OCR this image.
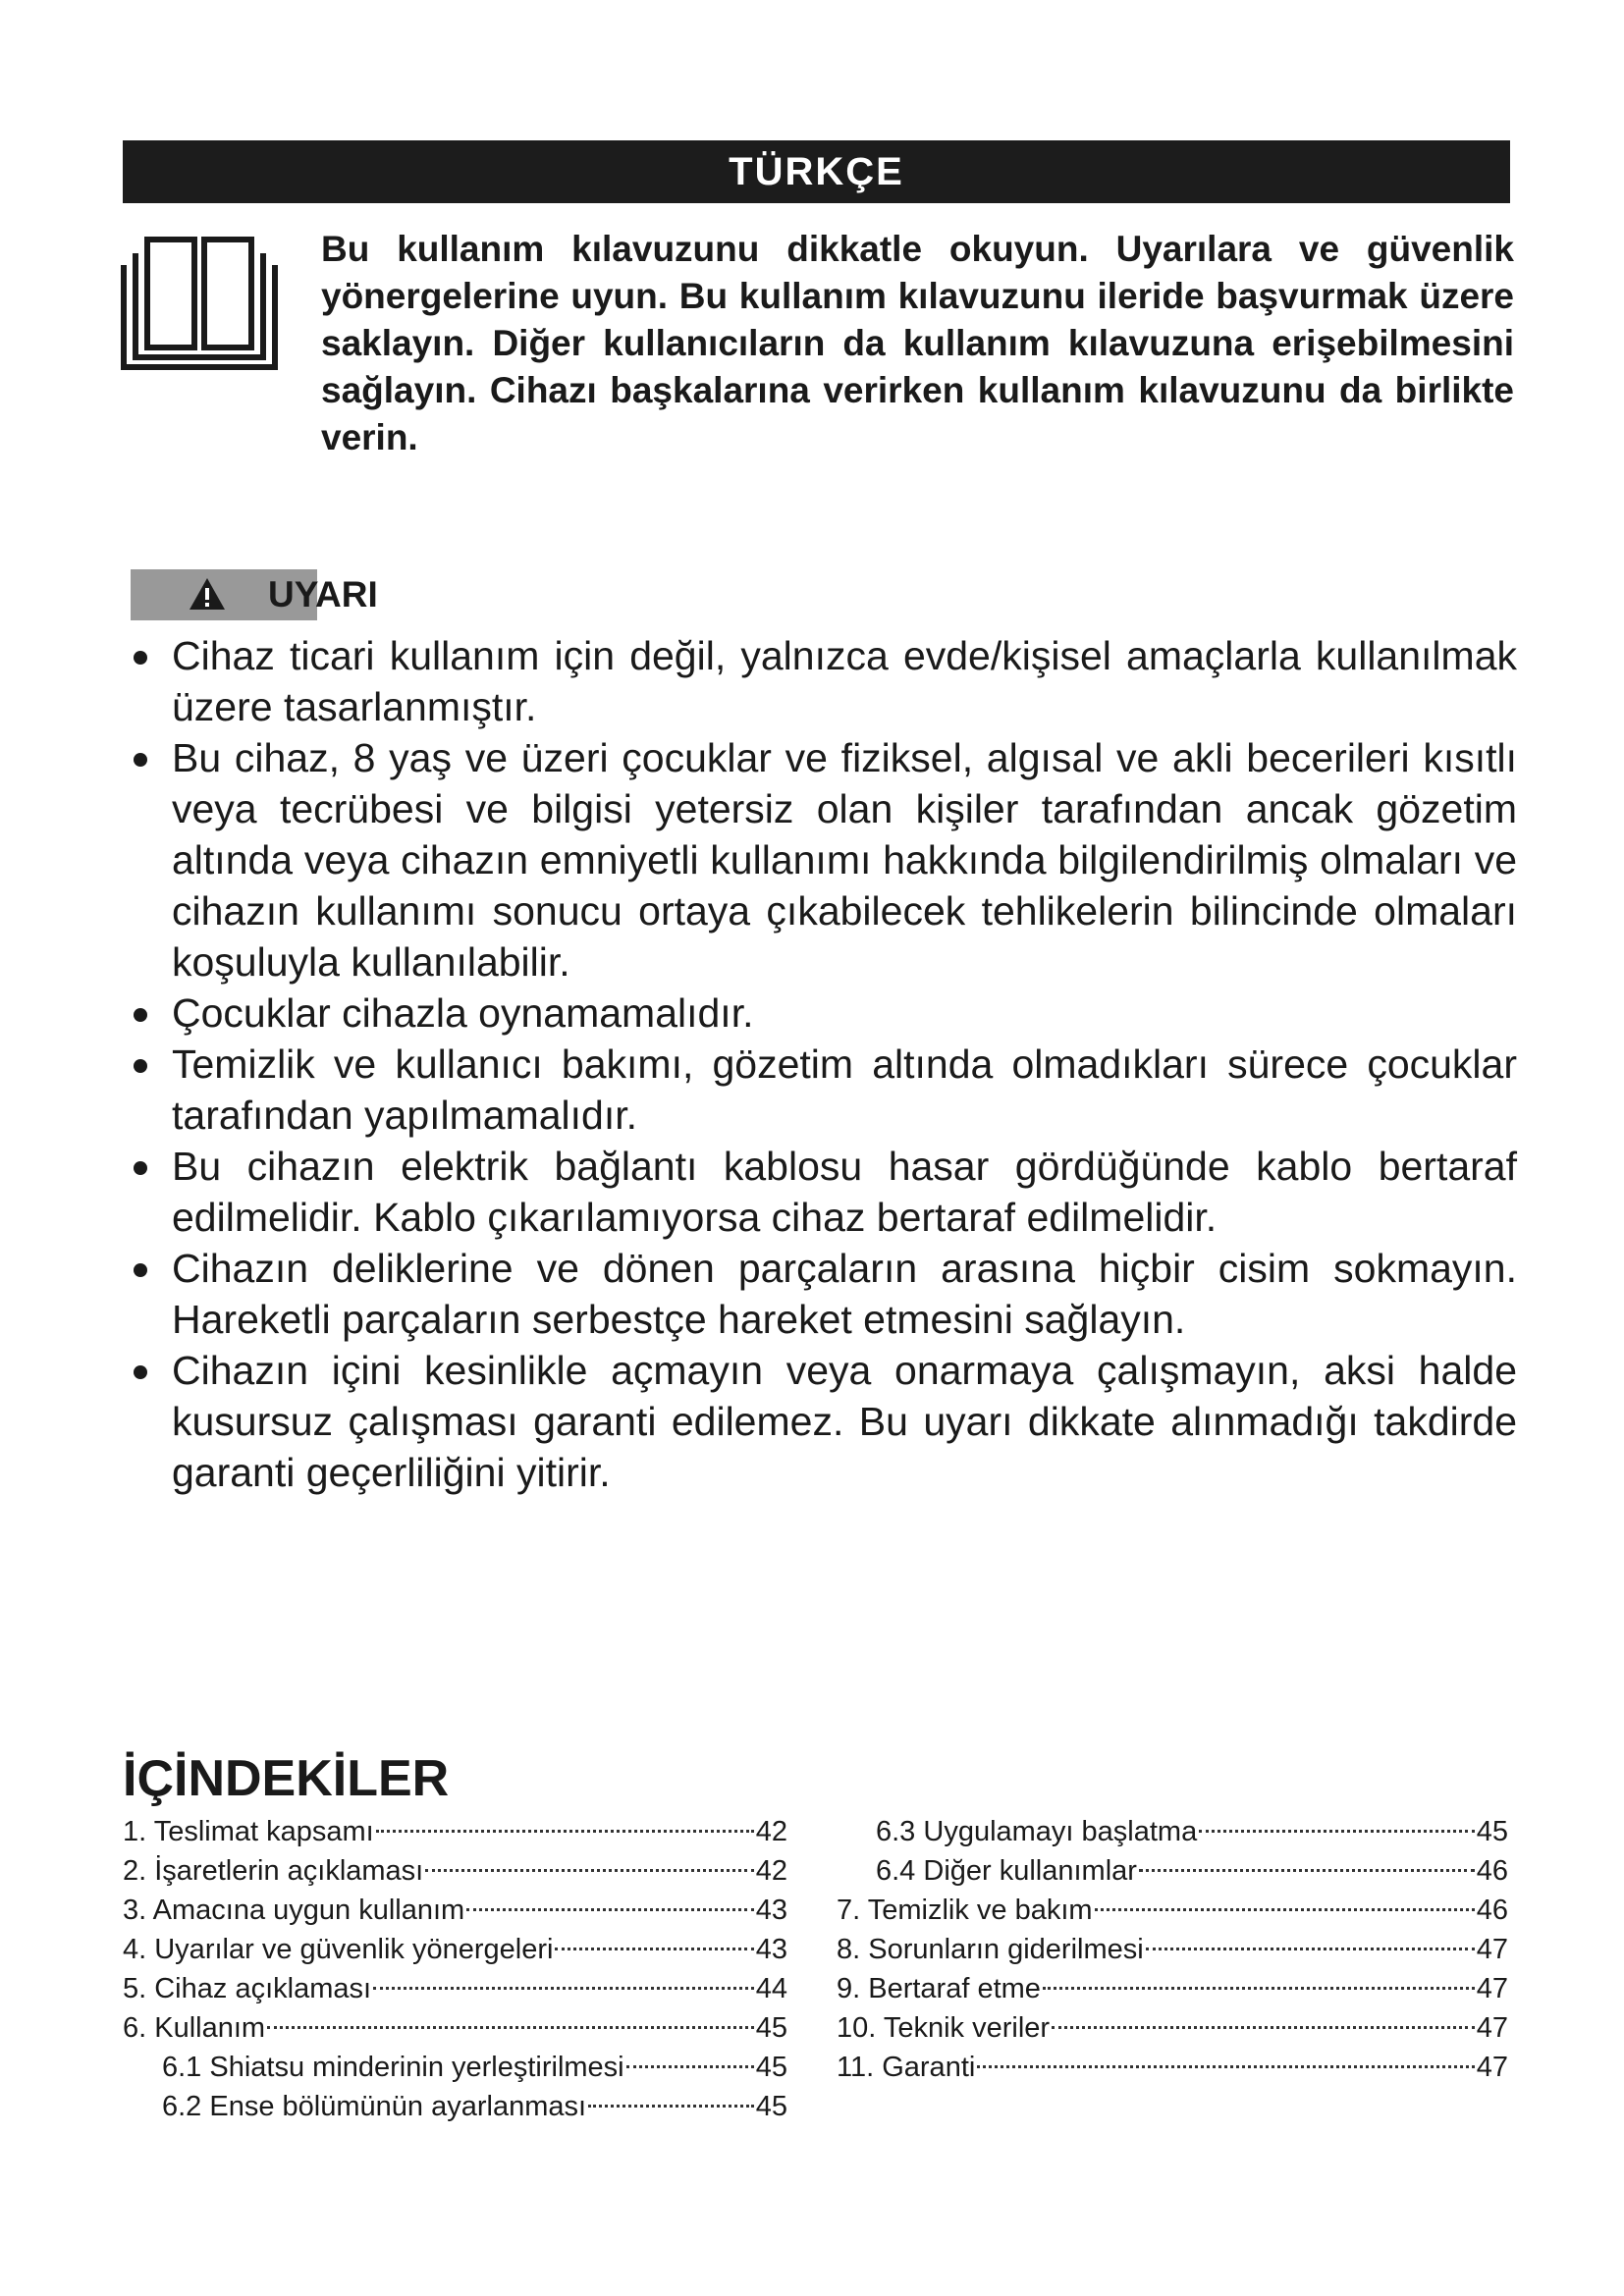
TÜRKÇE
Bu kullanım kılavuzunu dikkatle okuyun. Uyarılara ve güvenlik yönergelerine uyun. Bu kullanım kılavuzunu ileride başvurmak üzere saklayın. Diğer kullanıcıların da kullanım kılavuzuna erişebilmesini sağlayın. Cihazı başkalarına verirken kullanım kılavuzunu da birlikte verin.
UYARI
Cihaz ticari kullanım için değil, yalnızca evde/kişisel amaçlarla kullanılmak üzere tasarlanmıştır.
Bu cihaz, 8 yaş ve üzeri çocuklar ve fiziksel, algısal ve akli becerileri kısıtlı veya tecrübesi ve bilgisi yetersiz olan kişiler tarafından ancak gözetim altında veya cihazın emniyetli kullanımı hakkında bilgilendirilmiş olmaları ve cihazın kullanımı sonucu ortaya çıkabilecek tehlikelerin bilincinde olmaları koşuluyla kullanılabilir.
Çocuklar cihazla oynamamalıdır.
Temizlik ve kullanıcı bakımı, gözetim altında olmadıkları sürece çocuklar tarafından yapılmamalıdır.
Bu cihazın elektrik bağlantı kablosu hasar gördüğünde kablo bertaraf edilmelidir. Kablo çıkarılamıyorsa cihaz bertaraf edilmelidir.
Cihazın deliklerine ve dönen parçaların arasına hiçbir cisim sokmayın. Hareketli parçaların serbestçe hareket etmesini sağlayın.
Cihazın içini kesinlikle açmayın veya onarmaya çalışmayın, aksi halde kusursuz çalışması garanti edilemez. Bu uyarı dikkate alınmadığı takdirde garanti geçerliliğini yitirir.
İÇİNDEKİLER
1. Teslimat kapsamı	42
2. İşaretlerin açıklaması	42
3. Amacına uygun kullanım	43
4. Uyarılar ve güvenlik yönergeleri	43
5. Cihaz açıklaması	44
6. Kullanım	45
6.1 Shiatsu minderinin yerleştirilmesi	45
6.2 Ense bölümünün ayarlanması	45
6.3 Uygulamayı başlatma	45
6.4 Diğer kullanımlar	46
7. Temizlik ve bakım	46
8. Sorunların giderilmesi	47
9. Bertaraf etme	47
10. Teknik veriler	47
11. Garanti	47
